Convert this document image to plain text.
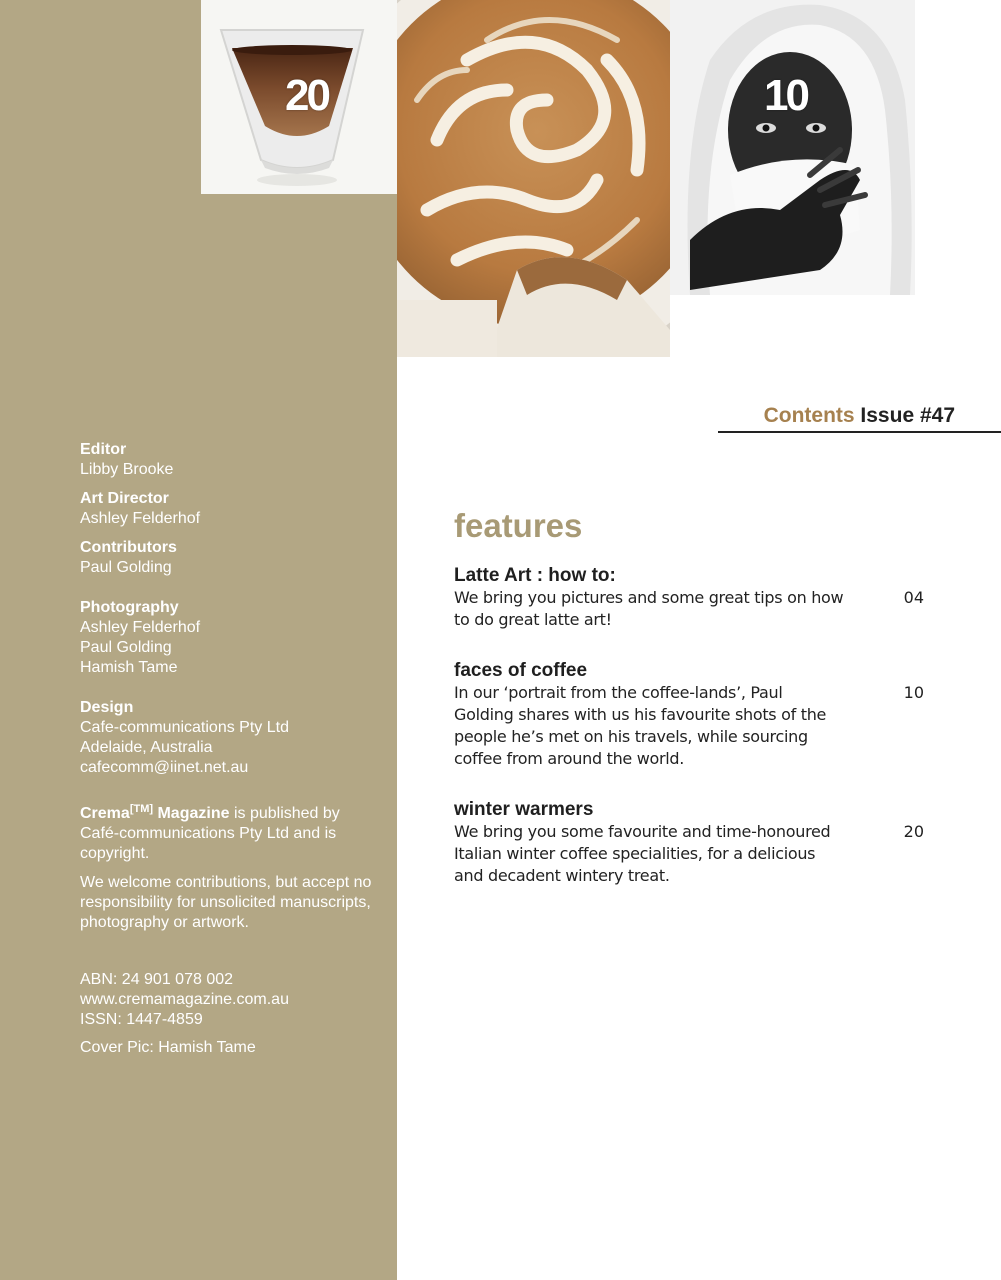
Editor
Libby Brooke
Art Director
Ashley Felderhof
Contributors
Paul Golding
Photography
Ashley Felderhof
Paul Golding
Hamish Tame
Design
Cafe-communications Pty Ltd
Adelaide, Australia
cafecomm@iinet.net.au

Crema[TM] Magazine is published by Café-communications Pty Ltd and is copyright.

We welcome contributions, but accept no responsibility for unsolicited manuscripts, photography or artwork.

ABN: 24 901 078 002
www.cremamagazine.com.au
ISSN: 1447-4859
Cover Pic: Hamish Tame
20	10
Contents Issue #47
features
Latte Art : how to:
We bring you pictures and some great tips on how to do great latte art!
04
faces of coffee
In our ‘portrait from the coffee-lands’, Paul Golding shares with us his favourite shots of the people he’s met on his travels, while sourcing coffee from around the world.
10
winter warmers
We bring you some favourite and time-honoured Italian winter coffee specialities, for a delicious and decadent wintery treat.
20
